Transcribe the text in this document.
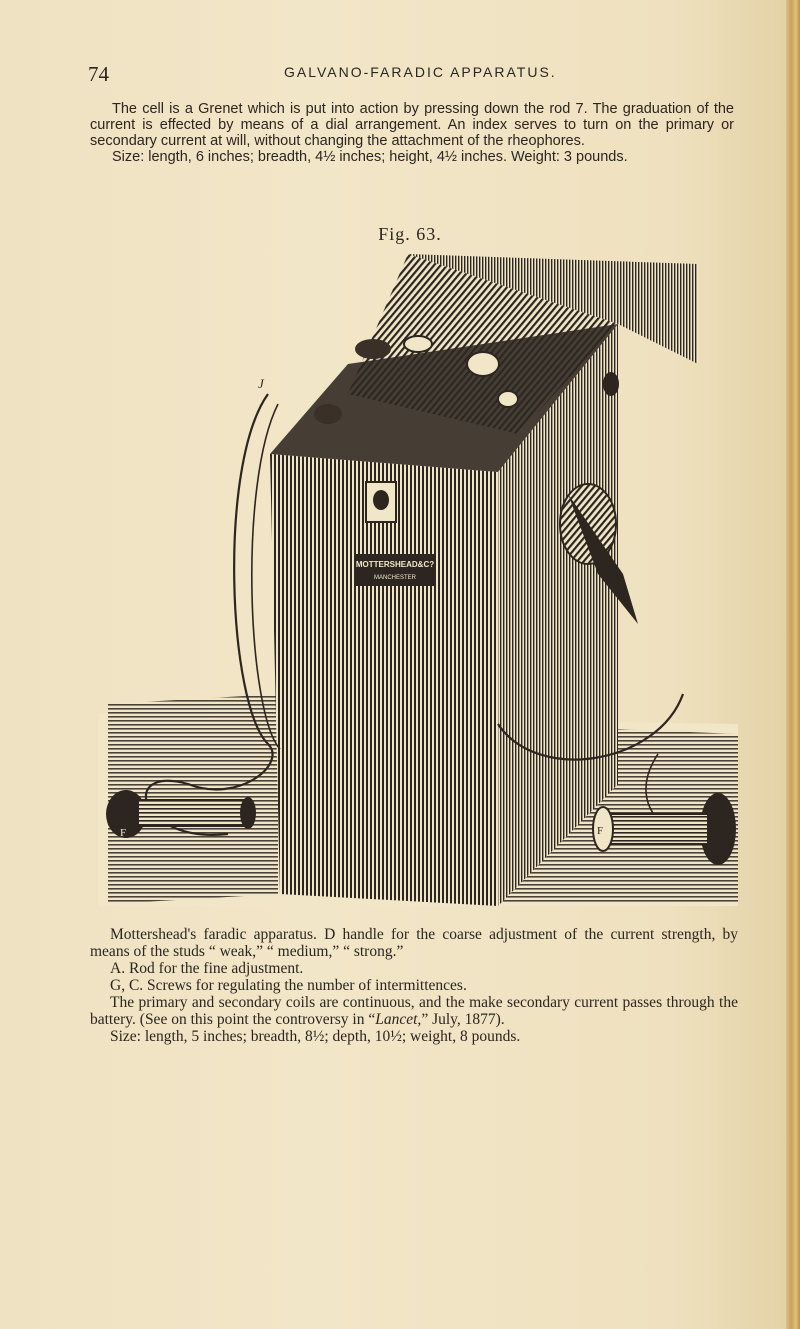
74	GALVANO-FARADIC APPARATUS.

The cell is a Grenet which is put into action by pressing down the rod 7. The graduation of the current is effected by means of a dial arrangement. An index serves to turn on the primary or secondary current at will, without changing the attachment of the rheophores.

Size: length, 6 inches; breadth, 4½ inches; height, 4½ inches. Weight: 3 pounds.

Fig. 63.
MOTTERSHEAD&C?
MANCHESTER
F	F
J

Mottershead's faradic apparatus. D handle for the coarse adjustment of the current strength, by means of the studs “ weak,” “ medium,” “ strong.”

A. Rod for the fine adjustment.

G, C. Screws for regulating the number of intermittences.

The primary and secondary coils are continuous, and the make secondary current passes through the battery. (See on this point the controversy in “Lancet,” July, 1877).

Size: length, 5 inches; breadth, 8½; depth, 10½; weight, 8 pounds.
